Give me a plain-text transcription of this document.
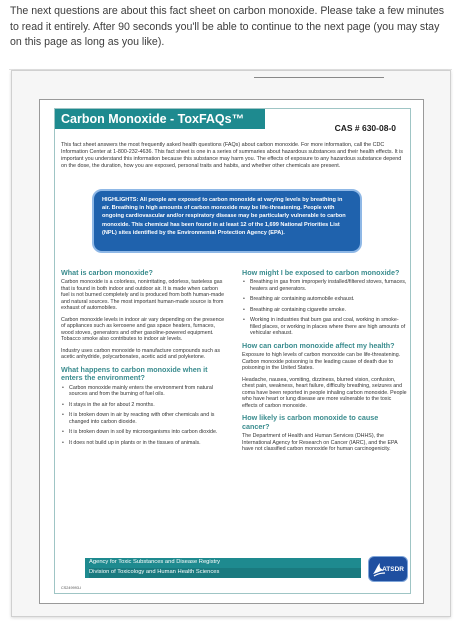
The next questions are about this fact sheet on carbon monoxide. Please take a few minutes to read it entirely. After 90 seconds you'll be able to continue to the next page (you may stay on this page as long as you like).
Carbon Monoxide - ToxFAQs™
CAS # 630-08-0
This fact sheet answers the most frequently asked health questions (FAQs) about carbon monoxide. For more information, call the CDC Information Center at 1-800-232-4636. This fact sheet is one in a series of summaries about hazardous substances and their health effects. It is important you understand this information because this substance may harm you. The effects of exposure to any hazardous substance depend on the dose, the duration, how you are exposed, personal traits and habits, and whether other chemicals are present.
HIGHLIGHTS: All people are exposed to carbon monoxide at varying levels by breathing in air. Breathing in high amounts of carbon monoxide may be life-threatening. People with ongoing cardiovascular and/or respiratory disease may be particularly vulnerable to carbon monoxide. This chemical has been found in at least 12 of the 1,699 National Priorities List (NPL) sites identified by the Environmental Protection Agency (EPA).
What is carbon monoxide?
Carbon monoxide is a colorless, nonirritating, odorless, tasteless gas that is found in both indoor and outdoor air. It is made when carbon fuel is not burned completely and is produced from both human-made and natural sources. The most important human-made source is from exhaust of automobiles.
Carbon monoxide levels in indoor air vary depending on the presence of appliances such as kerosene and gas space heaters, furnaces, wood stoves, generators and other gasoline-powered equipment. Tobacco smoke also contributes to indoor air levels.
Industry uses carbon monoxide to manufacture compounds such as acetic anhydride, polycarbonates, acetic acid and polyketone.
What happens to carbon monoxide when it enters the environment?
• Carbon monoxide mainly enters the environment from natural sources and from the burning of fuel oils.
• It stays in the air for about 2 months.
• It is broken down in air by reacting with other chemicals and is changed into carbon dioxide.
• It is broken down in soil by microorganisms into carbon dioxide.
• It does not build up in plants or in the tissues of animals.
How might I be exposed to carbon monoxide?
• Breathing in gas from improperly installed/filtered stoves, furnaces, heaters and generators.
• Breathing air containing automobile exhaust.
• Breathing air containing cigarette smoke.
• Working in industries that burn gas and coal, working in smoke-filled places, or working in places where there are high amounts of vehicular exhaust.
How can carbon monoxide affect my health?
Exposure to high levels of carbon monoxide can be life-threatening. Carbon monoxide poisoning is the leading cause of death due to poisoning in the United States.
Headache, nausea, vomiting, dizziness, blurred vision, confusion, chest pain, weakness, heart failure, difficulty breathing, seizures and coma have been reported in people inhaling carbon monoxide. People who have heart or lung disease are more vulnerable to the toxic effects of carbon monoxide.
How likely is carbon monoxide to cause cancer?
The Department of Health and Human Services (DHHS), the International Agency for Research on Cancer (IARC), and the EPA have not classified carbon monoxide for human carcinogenicity.
Agency for Toxic Substances and Disease Registry
Division of Toxicology and Human Health Sciences	ATSDR
CS249993-I
